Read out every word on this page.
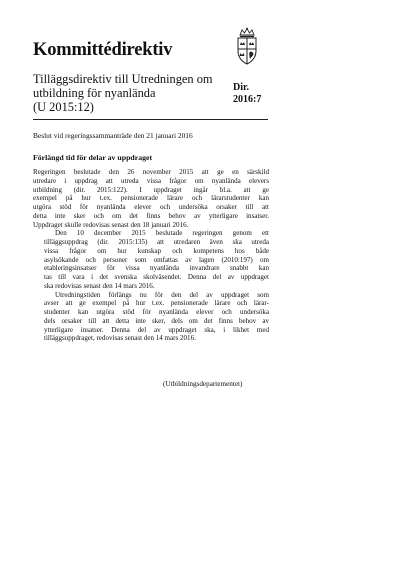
Kommittédirektiv
Tilläggsdirektiv till Utredningen om
utbildning för nyanlända
(U 2015:12)
Dir.
2016:7
Beslut vid regeringssammanträde den 21 januari 2016
Förlängd tid för delar av uppdraget

Regeringen beslutade den 26 november 2015 att ge en särskild
utredare i uppdrag att utreda vissa frågor om nyanlända elevers
utbildning (dir. 2015:122). I uppdraget ingår bl.a. att ge
exempel på hur t.ex. pensionerade lärare och lärarstudenter kan
utgöra stöd för nyanlända elever och undersöka orsaker till att
detta inte sker och om det finns behov av ytterligare insatser.
Uppdraget skulle redovisas senast den 18 januari 2016.

Den 10 december 2015 beslutade regeringen genom ett
tilläggsuppdrag (dir. 2015:135) att utredaren även ska utreda
vissa frågor om hur kunskap och kompetens hos både
asylsökande och personer som omfattas av lagen (2010:197) om
etableringsinsatser för vissa nyanlända invandrare snabbt kan
tas till vara i det svenska skolväsendet. Denna del av uppdraget
ska redovisas senast den 14 mars 2016.

Utredningstiden förlängs nu för den del av uppdraget som
avser att ge exempel på hur t.ex. pensionerade lärare och lärar-
studenter kan utgöra stöd för nyanlända elever och undersöka
dels orsaker till att detta inte sker, dels om det finns behov av
ytterligare insatser. Denna del av uppdraget ska, i likhet med
tilläggsuppdraget, redovisas senast den 14 mars 2016.

(Utbildningsdepartementet)
